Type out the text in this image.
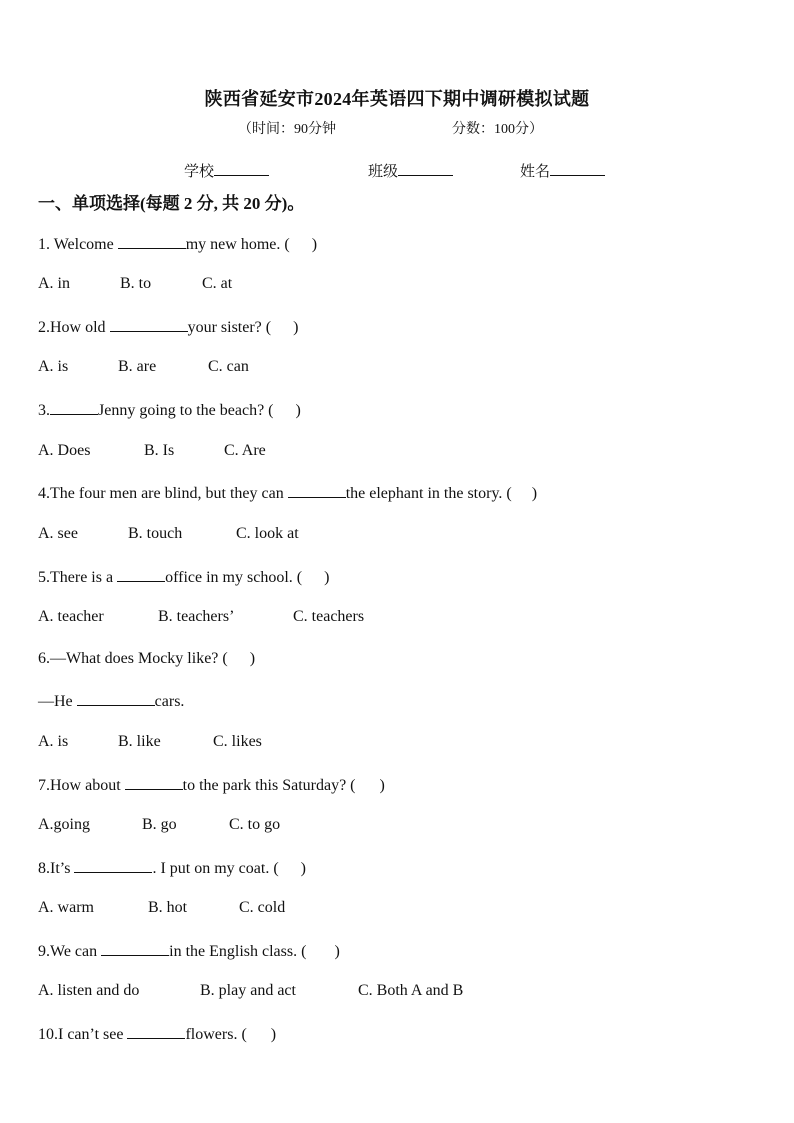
陕西省延安市2024年英语四下期中调研模拟试题
（时间：90分钟	分数：100分）
学校	班级	姓名
一、单项选择(每题 2 分, 共 20 分)。
1. Welcome	my new home. ( )
A. in	B. to	C. at
2.How old	your sister? ( )
A. is	B. are	C. can
3.	Jenny going to the beach? ( )
A. Does	B. Is	C. Are
4.The four men are blind, but they can	the elephant in the story. ( )
A. see	B. touch	C. look at
5.There is a	office in my school. ( )
A. teacher	B. teachers’	C. teachers
6.—What does Mocky like? ( )
—He	cars.
A. is	B. like	C. likes
7.How about	to the park this Saturday? ( )
A.going	B. go	C. to go
8.It’s	. I put on my coat. ( )
A. warm	B. hot	C. cold
9.We can	in the English class. ( )
A. listen and do	B. play and act	C. Both A and B
10.I can’t see	flowers. ( )
